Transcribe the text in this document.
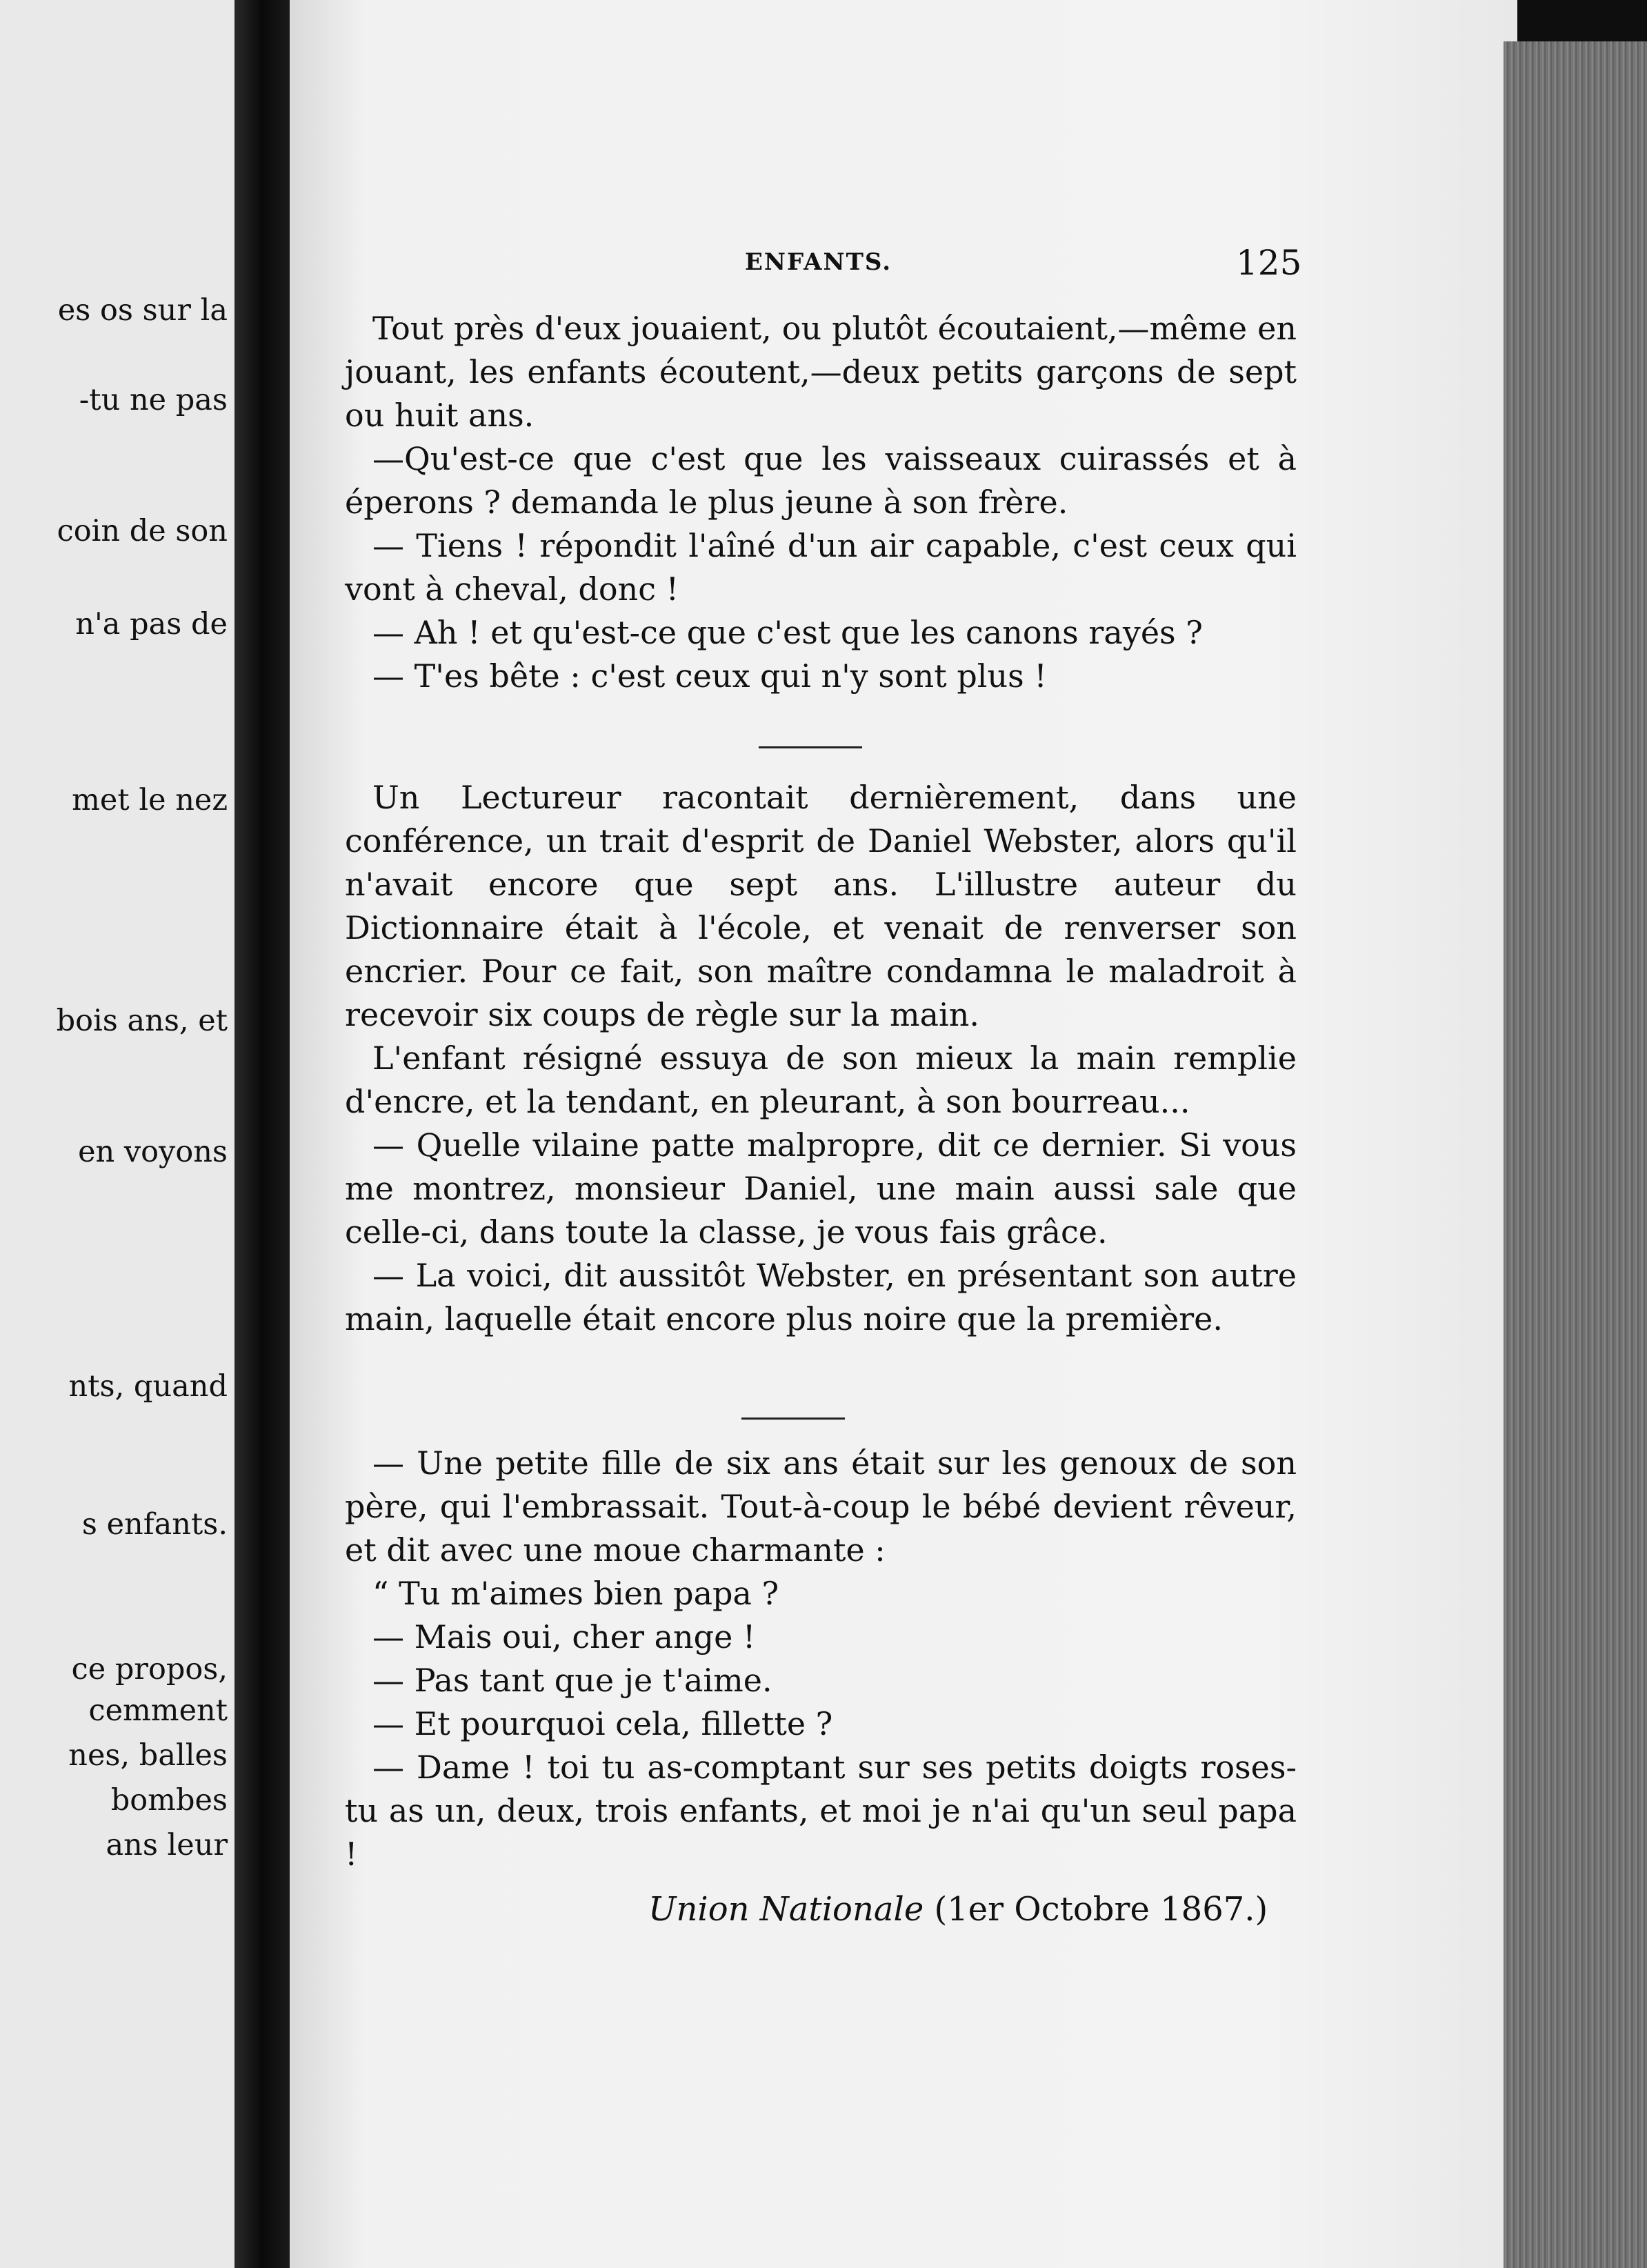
es os sur la
-tu ne pas
coin de son
n'a pas de
met le nez
bois ans, et
en voyons
nts, quand
s enfants.
ce propos,
cemment
nes, balles
bombes
ans leur
ENFANTS.	125

Tout près d'eux jouaient, ou plutôt écoutaient,—même en jouant, les enfants écoutent,—deux petits garçons de sept ou huit ans.

—Qu'est-ce que c'est que les vaisseaux cuirassés et à éperons ? demanda le plus jeune à son frère.

— Tiens ! répondit l'aîné d'un air capable, c'est ceux qui vont à cheval, donc !

— Ah ! et qu'est-ce que c'est que les canons rayés ?

— T'es bête : c'est ceux qui n'y sont plus !

Un Lectureur racontait dernièrement, dans une conférence, un trait d'esprit de Daniel Webster, alors qu'il n'avait encore que sept ans. L'illustre auteur du Dictionnaire était à l'école, et venait de renverser son encrier. Pour ce fait, son maître condamna le maladroit à recevoir six coups de règle sur la main.

L'enfant résigné essuya de son mieux la main remplie d'encre, et la tendant, en pleurant, à son bourreau...

— Quelle vilaine patte malpropre, dit ce dernier. Si vous me montrez, monsieur Daniel, une main aussi sale que celle-ci, dans toute la classe, je vous fais grâce.

— La voici, dit aussitôt Webster, en présentant son autre main, laquelle était encore plus noire que la première.

— Une petite fille de six ans était sur les genoux de son père, qui l'embrassait. Tout-à-coup le bébé devient rêveur, et dit avec une moue charmante :

“ Tu m'aimes bien papa ?

— Mais oui, cher ange !

— Pas tant que je t'aime.

— Et pourquoi cela, fillette ?

— Dame ! toi tu as-comptant sur ses petits doigts roses-tu as un, deux, trois enfants, et moi je n'ai qu'un seul papa !

Union Nationale (1er Octobre 1867.)
